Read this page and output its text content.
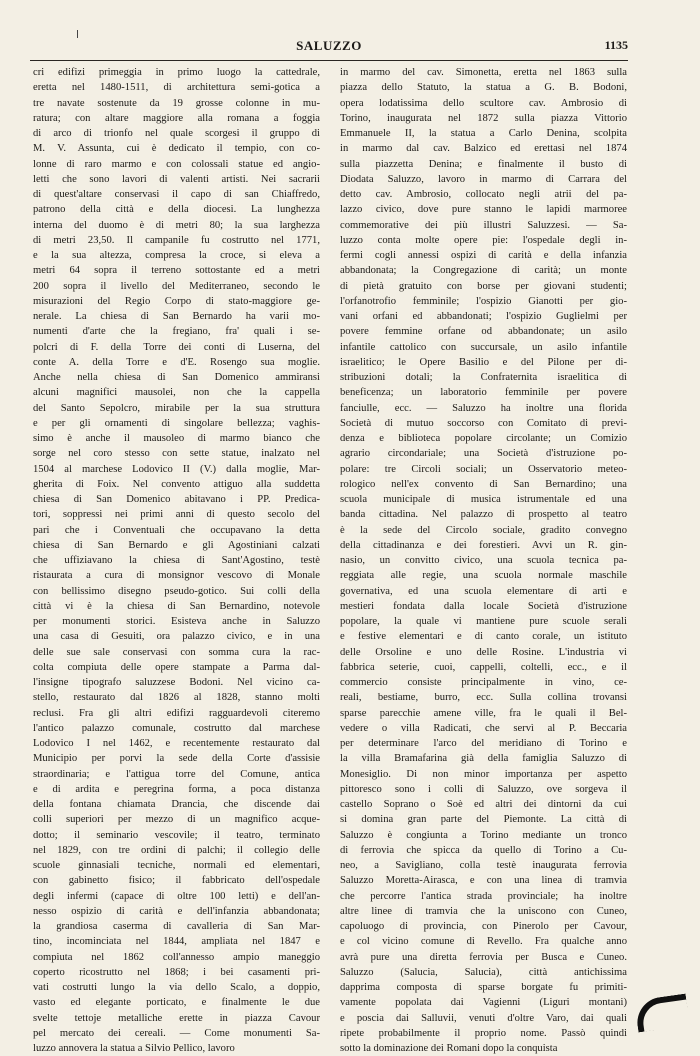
SALUZZO	1135
cri edifizi primeggia in primo luogo la cattedrale,
eretta nel 1480-1511, di architettura semi-gotica a
tre navate sostenute da 19 grosse colonne in mu-
ratura; con altare maggiore alla romana a foggia
di arco di trionfo nel quale scorgesi il gruppo di
M. V. Assunta, cui è dedicato il tempio, con co-
lonne di raro marmo e con colossali statue ed angio-
letti che sono lavori di valenti artisti. Nei sacrarii
di quest'altare conservasi il capo di san Chiaffredo,
patrono della città e della diocesi. La lunghezza
interna del duomo è di metri 80; la sua larghezza
di metri 23,50. Il campanile fu costrutto nel 1771,
e la sua altezza, compresa la croce, si eleva a
metri 64 sopra il terreno sottostante ed a metri
200 sopra il livello del Mediterraneo, secondo le
misurazioni del Regio Corpo di stato-maggiore ge-
nerale. La chiesa di San Bernardo ha varii mo-
numenti d'arte che la fregiano, fra' quali i se-
polcri di F. della Torre dei conti di Luserna, del
conte A. della Torre e d'E. Rosengo sua moglie.
Anche nella chiesa di San Domenico ammiransi
alcuni magnifici mausolei, non che la cappella
del Santo Sepolcro, mirabile per la sua struttura
e per gli ornamenti di singolare bellezza; vaghis-
simo è anche il mausoleo di marmo bianco che
sorge nel coro stesso con sette statue, inalzato nel
1504 al marchese Lodovico II (V.) dalla moglie, Mar-
gherita di Foix. Nel convento attiguo alla suddetta
chiesa di San Domenico abitavano i PP. Predica-
tori, soppressi nei primi anni di questo secolo del
pari che i Conventuali che occupavano la detta
chiesa di San Bernardo e gli Agostiniani calzati
che uffiziavano la chiesa di Sant'Agostino, testè
ristaurata a cura di monsignor vescovo di Monale
con bellissimo disegno pseudo-gotico. Sui colli della
città vi è la chiesa di San Bernardino, notevole
per monumenti storici. Esisteva anche in Saluzzo
una casa di Gesuiti, ora palazzo civico, e in una
delle sue sale conservasi con somma cura la rac-
colta compiuta delle opere stampate a Parma dal-
l'insigne tipografo saluzzese Bodoni. Nel vicino ca-
stello, restaurato dal 1826 al 1828, stanno molti
reclusi. Fra gli altri edifizi ragguardevoli citeremo
l'antico palazzo comunale, costrutto dal marchese
Lodovico I nel 1462, e recentemente restaurato dal
Municipio per porvi la sede della Corte d'assisie
straordinaria; e l'attigua torre del Comune, antica
e di ardita e peregrina forma, a poca distanza
della fontana chiamata Drancia, che discende dai
colli superiori per mezzo di un magnifico acque-
dotto; il seminario vescovile; il teatro, terminato
nel 1829, con tre ordini di palchi; il collegio delle
scuole ginnasiali tecniche, normali ed elementari,
con gabinetto fisico; il fabbricato dell'ospedale
degli infermi (capace di oltre 100 letti) e dell'an-
nesso ospizio di carità e dell'infanzia abbandonata;
la grandiosa caserma di cavalleria di San Mar-
tino, incominciata nel 1844, ampliata nel 1847 e
compiuta nel 1862 coll'annesso ampio maneggio
coperto ricostrutto nel 1868; i bei casamenti pri-
vati costrutti lungo la via dello Scalo, a doppio,
vasto ed elegante porticato, e finalmente le due
svelte tettoje metalliche erette in piazza Cavour
pel mercato dei cereali. — Come monumenti Sa-
luzzo annovera la statua a Silvio Pellico, lavoro
in marmo del cav. Simonetta, eretta nel 1863 sulla
piazza dello Statuto, la statua a G. B. Bodoni,
opera lodatissima dello scultore cav. Ambrosio di
Torino, inaugurata nel 1872 sulla piazza Vittorio
Emmanuele II, la statua a Carlo Denina, scolpita
in marmo dal cav. Balzico ed erettasi nel 1874
sulla piazzetta Denina; e finalmente il busto di
Diodata Saluzzo, lavoro in marmo di Carrara del
detto cav. Ambrosio, collocato negli atrii del pa-
lazzo civico, dove pure stanno le lapidi marmoree
commemorative dei più illustri Saluzzesi. — Sa-
luzzo conta molte opere pie: l'ospedale degli in-
fermi cogli annessi ospizi di carità e della infanzia
abbandonata; la Congregazione di carità; un monte
di pietà gratuito con borse per giovani studenti;
l'orfanotrofio femminile; l'ospizio Gianotti per gio-
vani orfani ed abbandonati; l'ospizio Guglielmi per
povere femmine orfane od abbandonate; un asilo
infantile cattolico con succursale, un asilo infantile
israelitico; le Opere Basilio e del Pilone per di-
stribuzioni dotali; la Confraternita israelitica di
beneficenza; un laboratorio femminile per povere
fanciulle, ecc. — Saluzzo ha inoltre una florida
Società di mutuo soccorso con Comitato di previ-
denza e biblioteca popolare circolante; un Comizio
agrario circondariale; una Società d'istruzione po-
polare: tre Circoli sociali; un Osservatorio meteo-
rologico nell'ex convento di San Bernardino; una
scuola municipale di musica istrumentale ed una
banda cittadina. Nel palazzo di prospetto al teatro
è la sede del Circolo sociale, gradito convegno
della cittadinanza e dei forestieri. Avvi un R. gin-
nasio, un convitto civico, una scuola tecnica pa-
reggiata alle regie, una scuola normale maschile
governativa, ed una scuola elementare di arti e
mestieri fondata dalla locale Società d'istruzione
popolare, la quale vi mantiene pure scuole serali
e festive elementari e di canto corale, un istituto
delle Orsoline e uno delle Rosine. L'industria vi
fabbrica seterie, cuoi, cappelli, coltelli, ecc., e il
commercio consiste principalmente in vino, ce-
reali, bestiame, burro, ecc. Sulla collina trovansi
sparse parecchie amene ville, fra le quali il Bel-
vedere o villa Radicati, che servì al P. Beccaria
per determinare l'arco del meridiano di Torino e
la villa Bramafarina già della famiglia Saluzzo di
Monesiglio. Di non minor importanza per aspetto
pittoresco sono i colli di Saluzzo, ove sorgeva il
castello Soprano o Soè ed altri dei dintorni da cui
si domina gran parte del Piemonte. La città di
Saluzzo è congiunta a Torino mediante un tronco
di ferrovia che spicca da quello di Torino a Cu-
neo, a Savigliano, colla testè inaugurata ferrovia
Saluzzo Moretta-Airasca, e con una linea di tramvia
che percorre l'antica strada provinciale; ha inoltre
altre linee di tramvia che la uniscono con Cuneo,
capoluogo di provincia, con Pinerolo per Cavour,
e col vicino comune di Revello. Fra qualche anno
avrà pure una diretta ferrovia per Busca e Cuneo.
Saluzzo (Salucia, Salucia), città antichissima
dapprima composta di sparse borgate fu primiti-
vamente popolata dai Vagienni (Liguri montani)
e poscia dai Salluvii, venuti d'oltre Varo, dai quali
ripete probabilmente il proprio nome. Passò quindi
sotto la dominazione dei Romani dopo la conquista
